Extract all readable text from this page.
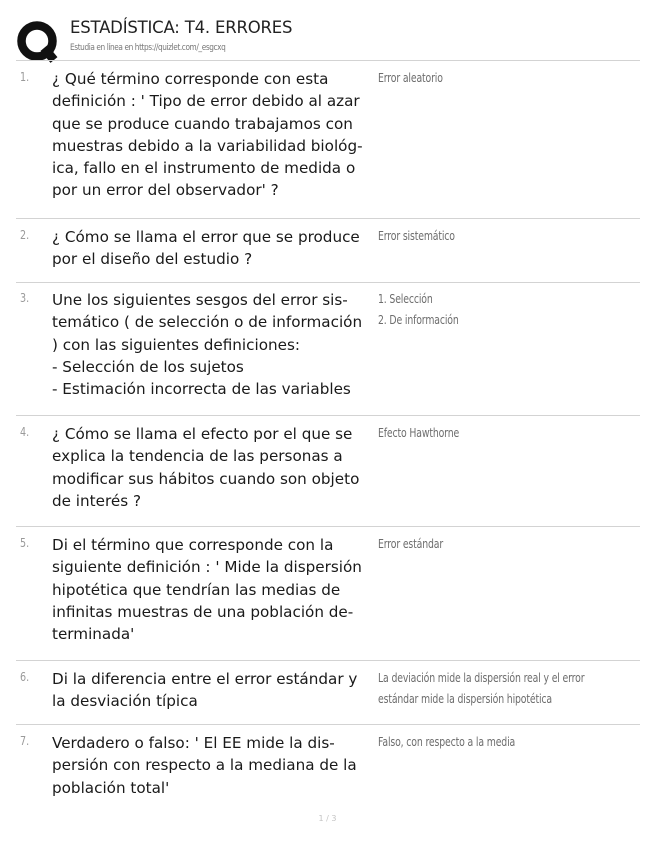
ESTADÍSTICA: T4. ERRORES
Estudia en línea en https://quizlet.com/_esgcxq
1. ¿ Qué término corresponde con esta
definición : ' Tipo de error debido al azar
que se produce cuando trabajamos con
muestras debido a la variabilidad biológ-
ica, fallo en el instrumento de medida o
por un error del observador' ?
Error aleatorio
2. ¿ Cómo se llama el error que se produce
por el diseño del estudio ?
Error sistemático
3. Une los siguientes sesgos del error sis-
temático ( de selección o de información
) con las siguientes definiciones:
- Selección de los sujetos
- Estimación incorrecta de las variables
1. Selección
2. De información
4. ¿ Cómo se llama el efecto por el que se
explica la tendencia de las personas a
modificar sus hábitos cuando son objeto
de interés ?
Efecto Hawthorne
5. Di el término que corresponde con la
siguiente definición : ' Mide la dispersión
hipotética que tendrían las medias de
infinitas muestras de una población de-
terminada'
Error estándar
6. Di la diferencia entre el error estándar y
la desviación típica
La deviación mide la dispersión real y el error
estándar mide la dispersión hipotética
7. Verdadero o falso: ' El EE mide la dis-
persión con respecto a la mediana de la
población total'
Falso, con respecto a la media
1 / 3
